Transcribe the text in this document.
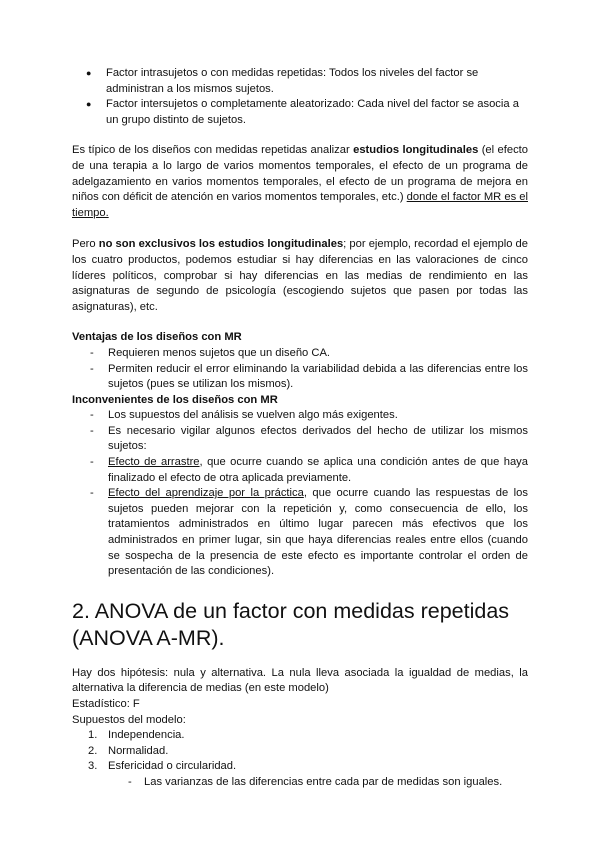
● Factor intrasujetos o con medidas repetidas: Todos los niveles del factor se administran a los mismos sujetos.
● Factor intersujetos o completamente aleatorizado: Cada nivel del factor se asocia a un grupo distinto de sujetos.

Es típico de los diseños con medidas repetidas analizar estudios longitudinales (el efecto de una terapia a lo largo de varios momentos temporales, el efecto de un programa de adelgazamiento en varios momentos temporales, el efecto de un programa de mejora en niños con déficit de atención en varios momentos temporales, etc.) donde el factor MR es el tiempo.

Pero no son exclusivos los estudios longitudinales; por ejemplo, recordad el ejemplo de los cuatro productos, podemos estudiar si hay diferencias en las valoraciones de cinco líderes políticos, comprobar si hay diferencias en las medias de rendimiento en las asignaturas de segundo de psicología (escogiendo sujetos que pasen por todas las asignaturas), etc.

Ventajas de los diseños con MR

- Requieren menos sujetos que un diseño CA.
- Permiten reducir el error eliminando la variabilidad debida a las diferencias entre los sujetos (pues se utilizan los mismos).

Inconvenientes de los diseños con MR

- Los supuestos del análisis se vuelven algo más exigentes.
- Es necesario vigilar algunos efectos derivados del hecho de utilizar los mismos sujetos:
- Efecto de arrastre, que ocurre cuando se aplica una condición antes de que haya finalizado el efecto de otra aplicada previamente.
- Efecto del aprendizaje por la práctica, que ocurre cuando las respuestas de los sujetos pueden mejorar con la repetición y, como consecuencia de ello, los tratamientos administrados en último lugar parecen más efectivos que los administrados en primer lugar, sin que haya diferencias reales entre ellos (cuando se sospecha de la presencia de este efecto es importante controlar el orden de presentación de las condiciones).
2. ANOVA de un factor con medidas repetidas (ANOVA A-MR).

Hay dos hipótesis: nula y alternativa. La nula lleva asociada la igualdad de medias, la alternativa la diferencia de medias (en este modelo)

Estadístico: F

Supuestos del modelo:

1. Independencia.
2. Normalidad.
3. Esfericidad o circularidad.
- Las varianzas de las diferencias entre cada par de medidas son iguales.
